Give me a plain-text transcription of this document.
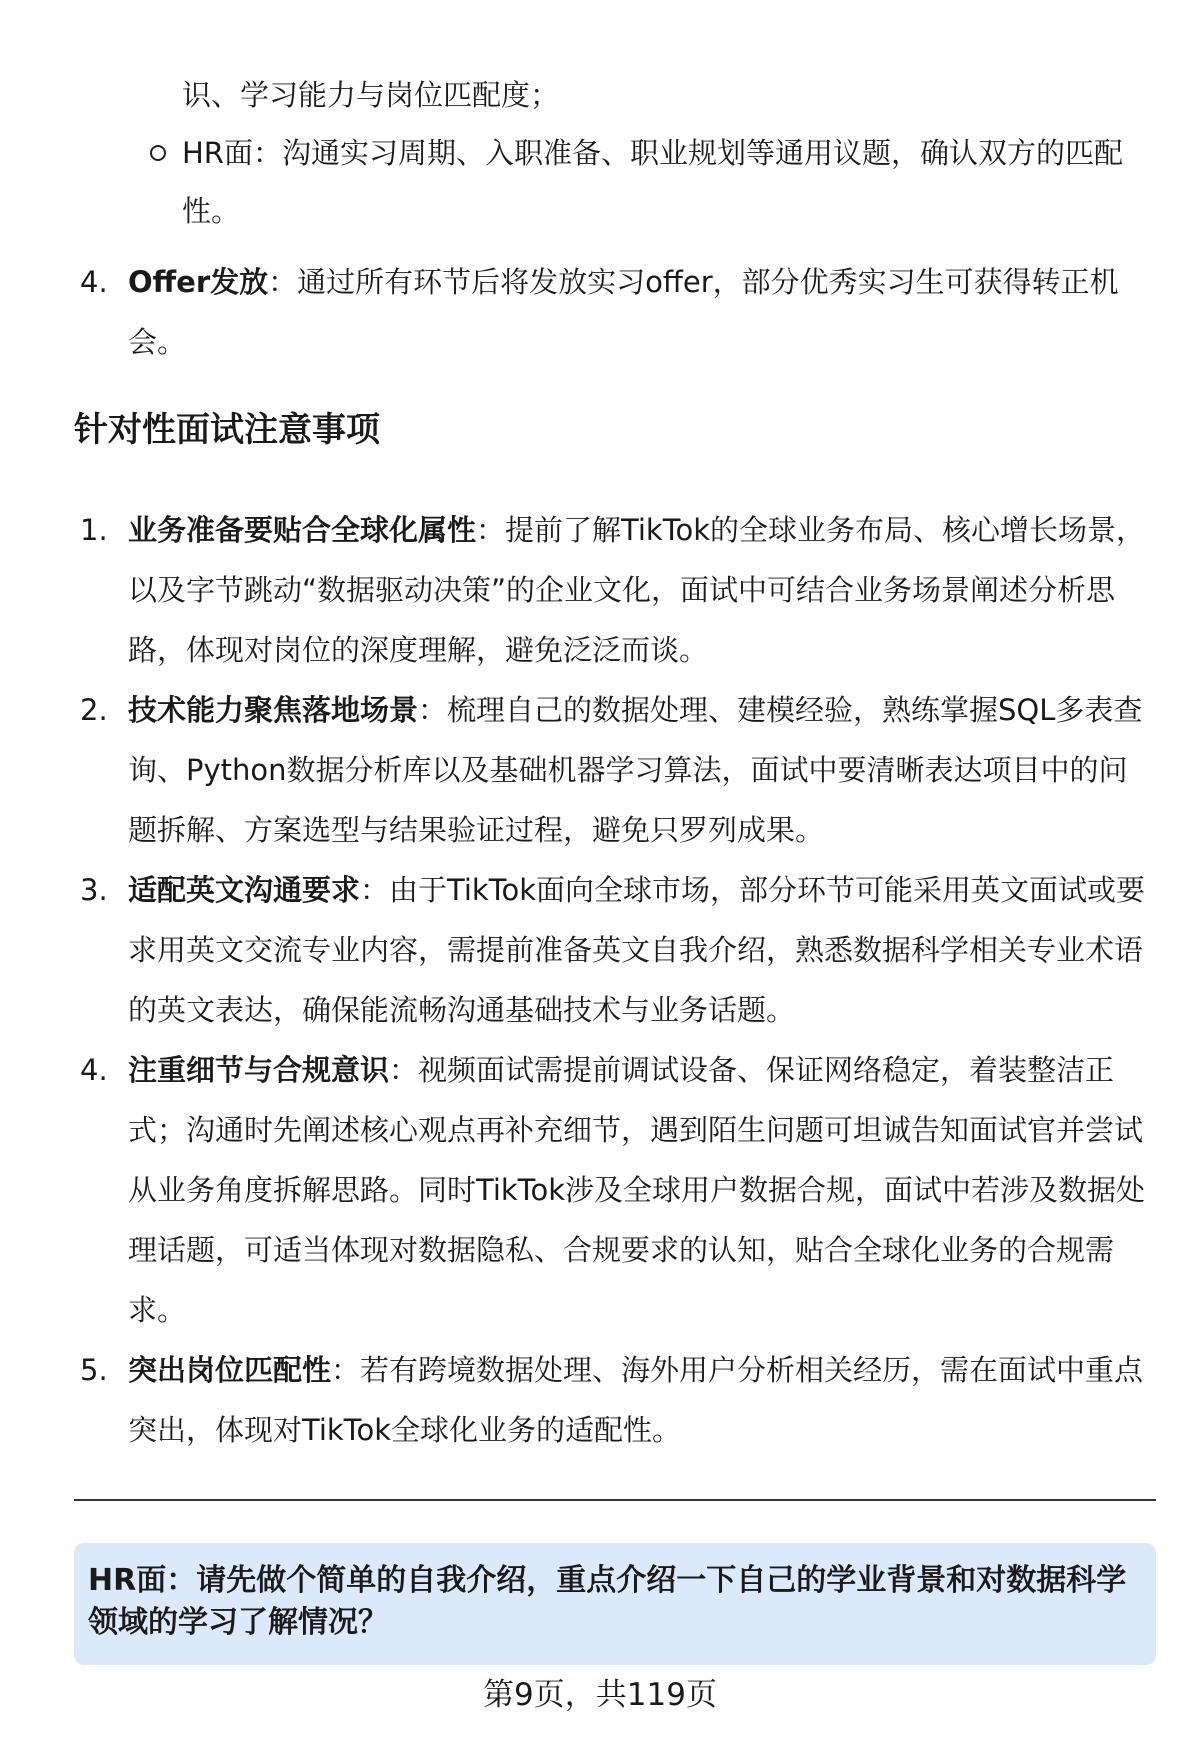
识、学习能力与岗位匹配度；
HR面：沟通实习周期、入职准备、职业规划等通用议题，确认双方的匹配性。

4. Offer发放：通过所有环节后将发放实习offer，部分优秀实习生可获得转正机会。

针对性面试注意事项

1. 业务准备要贴合全球化属性：提前了解TikTok的全球业务布局、核心增长场景，以及字节跳动“数据驱动决策”的企业文化，面试中可结合业务场景阐述分析思路，体现对岗位的深度理解，避免泛泛而谈。

2. 技术能力聚焦落地场景：梳理自己的数据处理、建模经验，熟练掌握SQL多表查询、Python数据分析库以及基础机器学习算法，面试中要清晰表达项目中的问题拆解、方案选型与结果验证过程，避免只罗列成果。

3. 适配英文沟通要求：由于TikTok面向全球市场，部分环节可能采用英文面试或要求用英文交流专业内容，需提前准备英文自我介绍，熟悉数据科学相关专业术语的英文表达，确保能流畅沟通基础技术与业务话题。

4. 注重细节与合规意识：视频面试需提前调试设备、保证网络稳定，着装整洁正式；沟通时先阐述核心观点再补充细节，遇到陌生问题可坦诚告知面试官并尝试从业务角度拆解思路。同时TikTok涉及全球用户数据合规，面试中若涉及数据处理话题，可适当体现对数据隐私、合规要求的认知，贴合全球化业务的合规需求。

5. 突出岗位匹配性：若有跨境数据处理、海外用户分析相关经历，需在面试中重点突出，体现对TikTok全球化业务的适配性。

HR面：请先做个简单的自我介绍，重点介绍一下自己的学业背景和对数据科学领域的学习了解情况？

第9页，共119页
